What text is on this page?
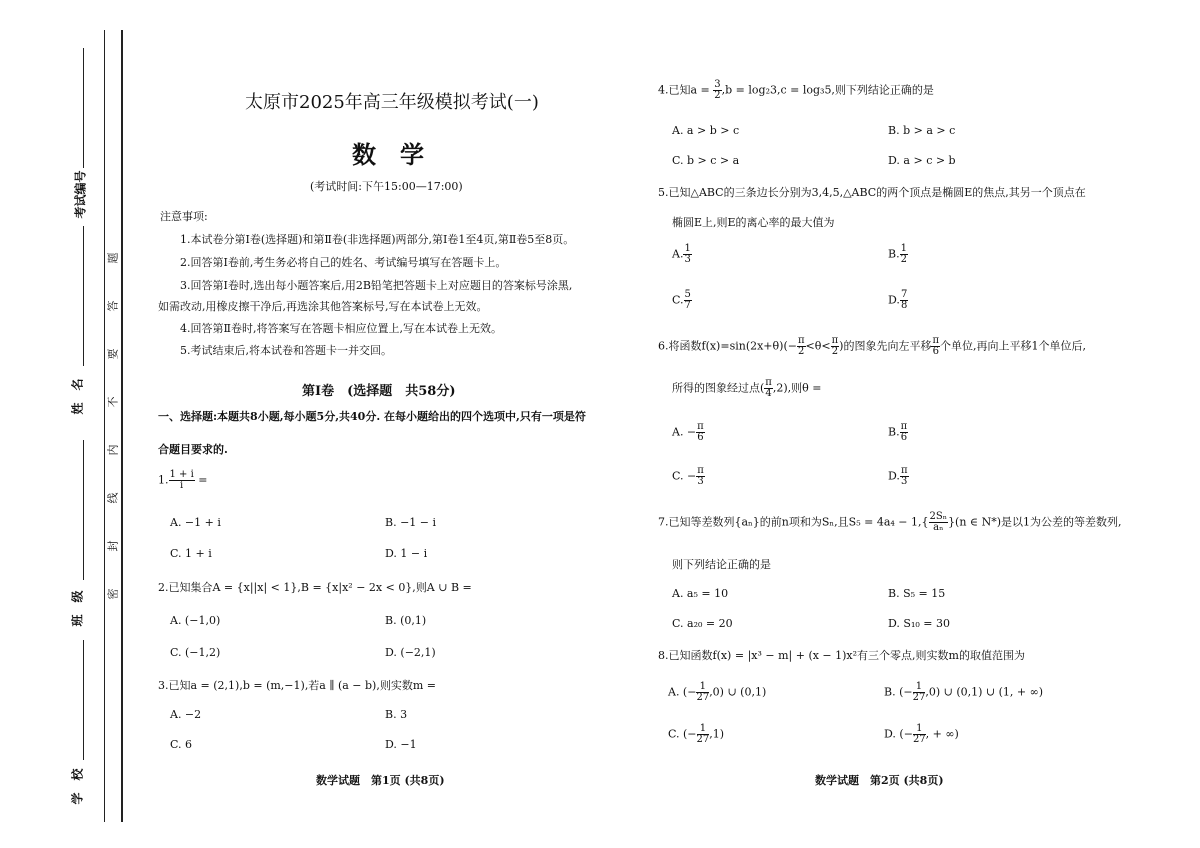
考试编号
姓　名
班　级
学　校
题
答
要
不
内
线
封
密
太原市2025年高三年级模拟考试(一)
数　学
(考试时间:下午15:00—17:00)
注意事项:
1.本试卷分第Ⅰ卷(选择题)和第Ⅱ卷(非选择题)两部分,第Ⅰ卷1至4页,第Ⅱ卷5至8页。
2.回答第Ⅰ卷前,考生务必将自己的姓名、考试编号填写在答题卡上。
3.回答第Ⅰ卷时,选出每小题答案后,用2B铅笔把答题卡上对应题目的答案标号涂黑,
如需改动,用橡皮擦干净后,再选涂其他答案标号,写在本试卷上无效。
4.回答第Ⅱ卷时,将答案写在答题卡相应位置上,写在本试卷上无效。
5.考试结束后,将本试卷和答题卡一并交回。
第Ⅰ卷　(选择题　共58分)
一、选择题:本题共8小题,每小题5分,共40分. 在每小题给出的四个选项中,只有一项是符
合题目要求的.
1. $\frac{1 + i}{i}$ =
A. −1 + i	B. −1 − i
C. 1 + i	D. 1 − i
2.已知集合A = {x||x| < 1},B = {x|x² − 2x < 0},则A ∪ B =
A. (−1,0)	B. (0,1)
C. (−1,2)	D. (−2,1)
3.已知a = (2,1),b = (m,−1),若a ∥ (a − b),则实数m =
A. −2	B. 3
C. 6	D. −1
数学试题　第1页 (共8页)
4.已知$a = \frac{3}{2} ,b = \log_23,c = \log_35$,则下列结论正确的是
A. a > b > c	B. b > a > c
C. b > c > a	D. a > c > b
5.已知△ABC的三条边长分别为3,4,5,△ABC的两个顶点是椭圆E的焦点,其另一个顶点在
椭圆E上,则E的离心率的最大值为
A. $\frac{1}{3}$	B. $\frac{1}{2}$
C. $\frac{5}{7}$	D. $\frac{7}{8}$
6.将函数$f(x)=\sin(2x+\theta)(- \frac{\pi}{2} <\theta< \frac{\pi}{2}$ )的图象先向左平移 $\frac{\pi}{6}$ 个单位,再向上平移1个单位后,
所得的图象经过点( $\frac{\pi}{4} ,2$),则θ =
A. − $\frac{\pi}{6}$	B. $\frac{\pi}{6}$
C. − $\frac{\pi}{3}$	D. $\frac{\pi}{3}$
7.已知等差数列{aₙ}的前n项和为Sₙ,且$S_5 = 4a_4 - 1,\{ \frac{\text{2Sₙ}}{\text{aₙ}} \}(n$ ∈ N*)是以1为公差的等差数列,
则下列结论正确的是
A. a₅ = 10	B. S₅ = 15
C. a₂₀ = 20	D. S₁₀ = 30
8.已知函数f(x) = |x³ − m| + (x − 1)x²有三个零点,则实数m的取值范围为
A. (− $\frac{1}{27} ,0$) ∪ (0,1)	B. (− $\frac{1}{27} ,0$) ∪ (0,1) ∪ (1, + ∞)
C. (− $\frac{1}{27} ,1$)	D. (− $\frac{1}{27}$ , + ∞)
数学试题　第2页 (共8页)
